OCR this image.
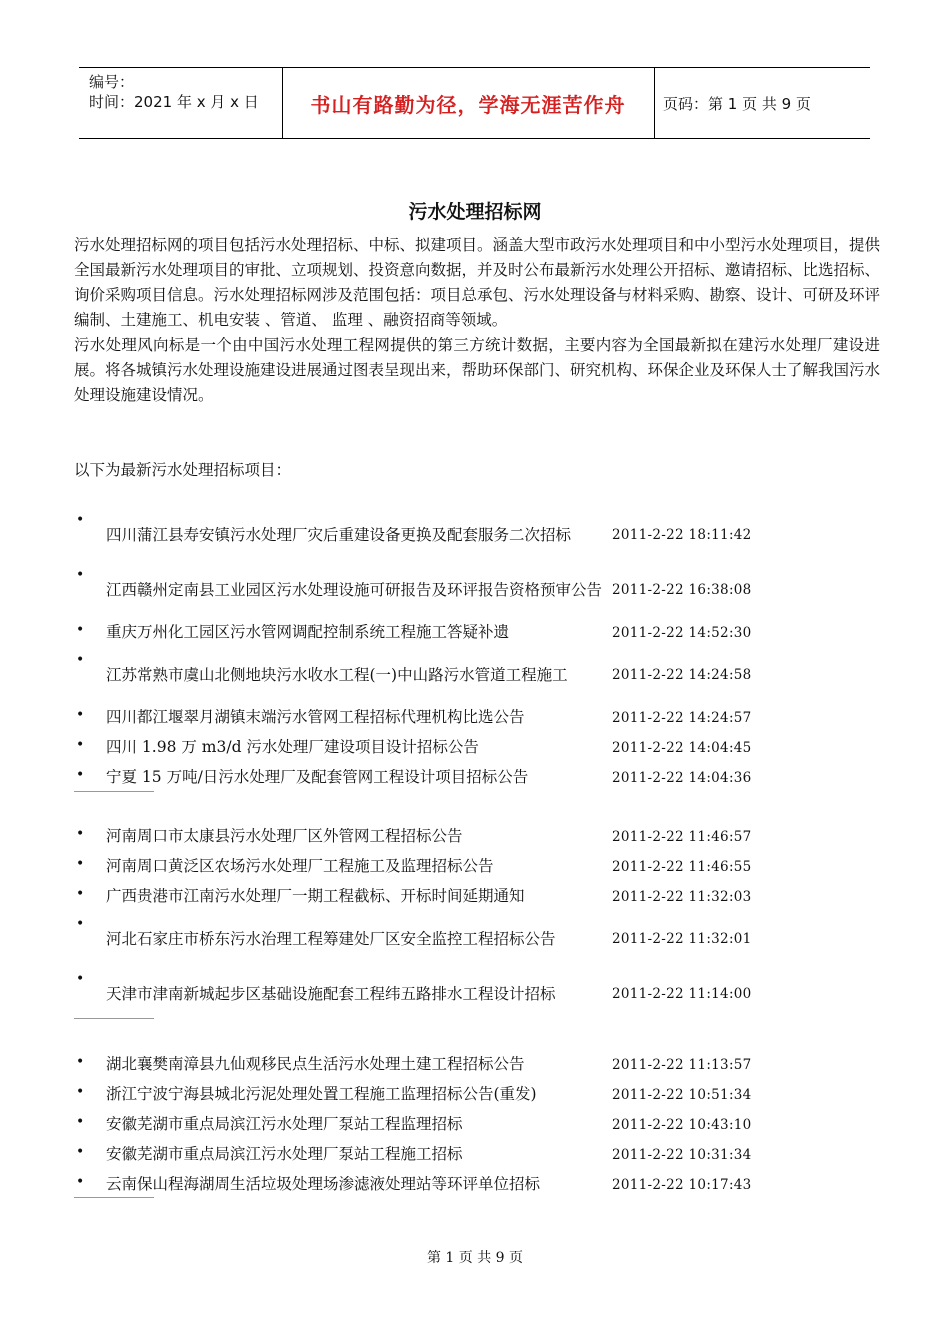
编号：
时间：2021 年 x 月 x 日	书山有路勤为径，学海无涯苦作舟	页码：第 1 页 共 9 页
污水处理招标网
污水处理招标网的项目包括污水处理招标、中标、拟建项目。涵盖大型市政污水处理项目和中小型污水处理项目，提供全国最新污水处理项目的审批、立项规划、投资意向数据，并及时公布最新污水处理公开招标、邀请招标、比选招标、询价采购项目信息。污水处理招标网涉及范围包括：项目总承包、污水处理设备与材料采购、勘察、设计、可研及环评编制、土建施工、机电安装 、管道、 监理 、融资招商等领域。
污水处理风向标是一个由中国污水处理工程网提供的第三方统计数据，主要内容为全国最新拟在建污水处理厂建设进展。将各城镇污水处理设施建设进展通过图表呈现出来，帮助环保部门、研究机构、环保企业及环保人士了解我国污水处理设施建设情况。
以下为最新污水处理招标项目：
•
四川蒲江县寿安镇污水处理厂灾后重建设备更换及配套服务二次招标	2011-2-22 18:11:42
•
江西赣州定南县工业园区污水处理设施可研报告及环评报告资格预审公告 2011-2-22 16:38:08
• 重庆万州化工园区污水管网调配控制系统工程施工答疑补遗	2011-2-22 14:52:30
•
江苏常熟市虞山北侧地块污水收水工程(一)中山路污水管道工程施工	2011-2-22 14:24:58
• 四川都江堰翠月湖镇末端污水管网工程招标代理机构比选公告	2011-2-22 14:24:57
• 四川 1.98 万 m3/d 污水处理厂建设项目设计招标公告	2011-2-22 14:04:45
• 宁夏 15 万吨/日污水处理厂及配套管网工程设计项目招标公告	2011-2-22 14:04:36
• 河南周口市太康县污水处理厂区外管网工程招标公告	2011-2-22 11:46:57
• 河南周口黄泛区农场污水处理厂工程施工及监理招标公告	2011-2-22 11:46:55
• 广西贵港市江南污水处理厂一期工程截标、开标时间延期通知	2011-2-22 11:32:03
•
河北石家庄市桥东污水治理工程筹建处厂区安全监控工程招标公告	2011-2-22 11:32:01
•
天津市津南新城起步区基础设施配套工程纬五路排水工程设计招标	2011-2-22 11:14:00
• 湖北襄樊南漳县九仙观移民点生活污水处理土建工程招标公告	2011-2-22 11:13:57
• 浙江宁波宁海县城北污泥处理处置工程施工监理招标公告(重发)	2011-2-22 10:51:34
• 安徽芜湖市重点局滨江污水处理厂泵站工程监理招标	2011-2-22 10:43:10
• 安徽芜湖市重点局滨江污水处理厂泵站工程施工招标	2011-2-22 10:31:34
• 云南保山程海湖周生活垃圾处理场渗滤液处理站等环评单位招标	2011-2-22 10:17:43
第 1 页 共 9 页
